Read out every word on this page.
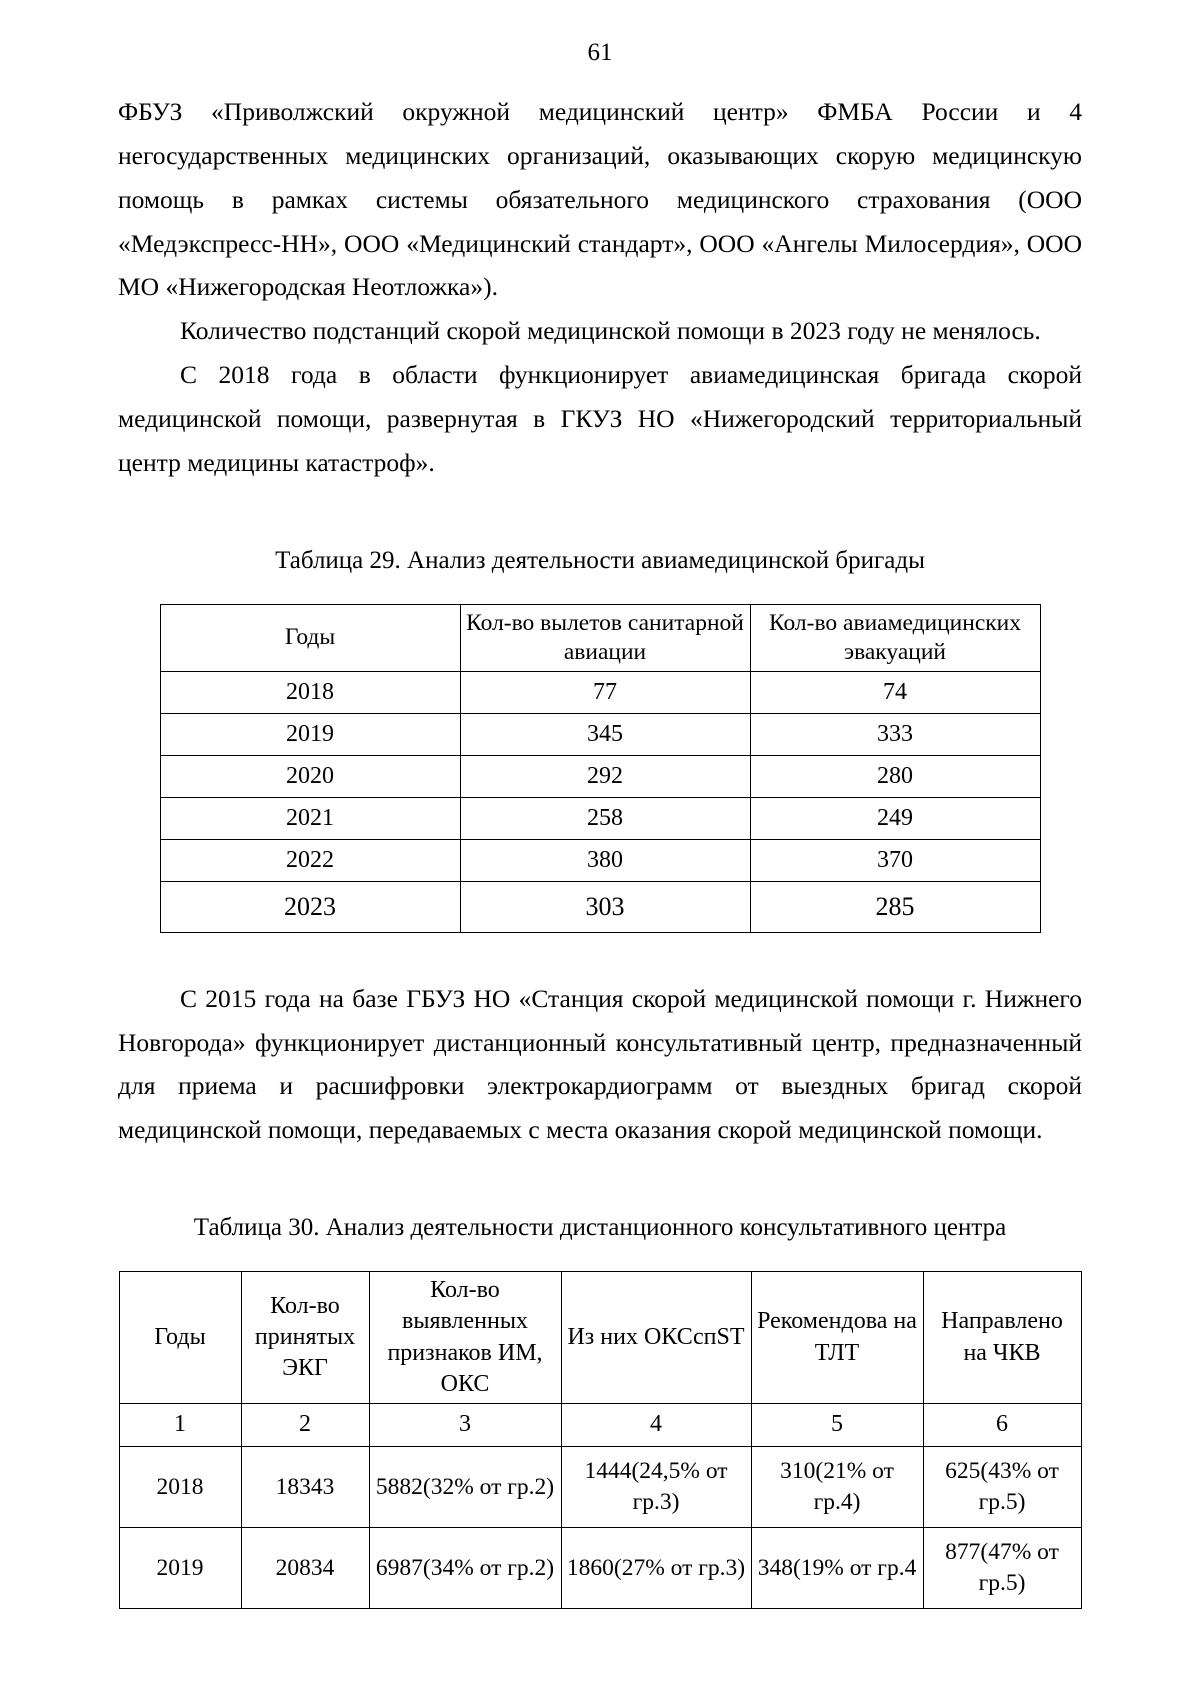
61

ФБУЗ «Приволжский окружной медицинский центр» ФМБА России и 4 негосударственных медицинских организаций, оказывающих скорую медицинскую помощь в рамках системы обязательного медицинского страхования (ООО «Медэкспресс-НН», ООО «Медицинский стандарт», ООО «Ангелы Милосердия», ООО МО «Нижегородская Неотложка»).

Количество подстанций скорой медицинской помощи в 2023 году не менялось.

С 2018 года в области функционирует авиамедицинская бригада скорой медицинской помощи, развернутая в ГКУЗ НО «Нижегородский территориальный центр медицины катастроф».

Таблица 29. Анализ деятельности авиамедицинской бригады
Годы	Кол-во вылетов санитарной авиации	Кол-во авиамедицинских эвакуаций
2018	77	74
2019	345	333
2020	292	280
2021	258	249
2022	380	370
2023	303	285

С 2015 года на базе ГБУЗ НО «Станция скорой медицинской помощи г. Нижнего Новгорода» функционирует дистанционный консультативный центр, предназначенный для приема и расшифровки электрокардиограмм от выездных бригад скорой медицинской помощи, передаваемых с места оказания скорой медицинской помощи.

Таблица 30. Анализ деятельности дистанционного консультативного центра
Годы	Кол-во принятых ЭКГ	Кол-во выявленных признаков ИМ, ОКС	Из них ОКСспST	Рекомендова на ТЛТ	Направлено на ЧКВ
1	2	3	4	5	6
2018	18343	5882(32% от гр.2)	1444(24,5% от гр.3)	310(21% от гр.4)	625(43% от гр.5)
2019	20834	6987(34% от гр.2)	1860(27% от гр.3)	348(19% от гр.4	877(47% от гр.5)
